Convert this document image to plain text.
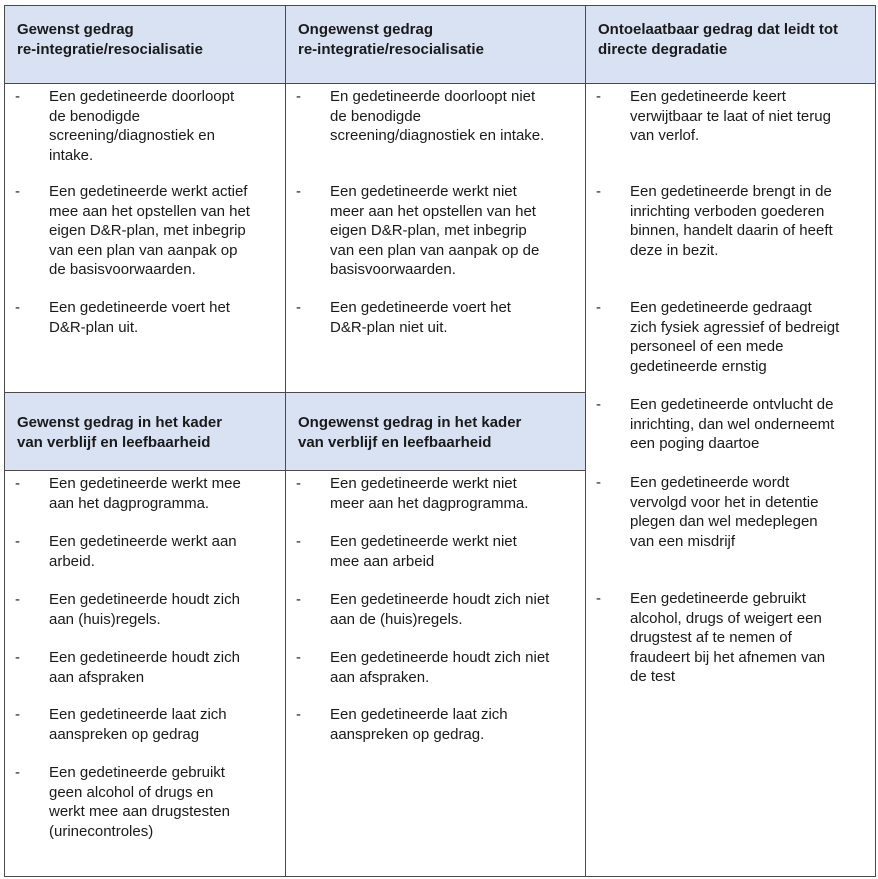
Gewenst gedrag
re-integratie/resocialisatie
Ongewenst gedrag
re-integratie/resocialisatie
Ontoelaatbaar gedrag dat leidt tot
directe degradatie
- Een gedetineerde doorloopt
de benodigde
screening/diagnostiek en
intake.
- Een gedetineerde werkt actief
mee aan het opstellen van het
eigen D&R-plan, met inbegrip
van een plan van aanpak op
de basisvoorwaarden.
- Een gedetineerde voert het
D&R-plan uit.
- En gedetineerde doorloopt niet
de benodigde
screening/diagnostiek en intake.
- Een gedetineerde werkt niet
meer aan het opstellen van het
eigen D&R-plan, met inbegrip
van een plan van aanpak op de
basisvoorwaarden.
- Een gedetineerde voert het
D&R-plan niet uit.
- Een gedetineerde keert
verwijtbaar te laat of niet terug
van verlof.
- Een gedetineerde brengt in de
inrichting verboden goederen
binnen, handelt daarin of heeft
deze in bezit.
- Een gedetineerde gedraagt
zich fysiek agressief of bedreigt
personeel of een mede
gedetineerde ernstig
- Een gedetineerde ontvlucht de
inrichting, dan wel onderneemt
een poging daartoe
- Een gedetineerde wordt
vervolgd voor het in detentie
plegen dan wel medeplegen
van een misdrijf
- Een gedetineerde gebruikt
alcohol, drugs of weigert een
drugstest af te nemen of
fraudeert bij het afnemen van
de test
Gewenst gedrag in het kader
van verblijf en leefbaarheid
Ongewenst gedrag in het kader
van verblijf en leefbaarheid
- Een gedetineerde werkt mee
aan het dagprogramma.
- Een gedetineerde werkt aan
arbeid.
- Een gedetineerde houdt zich
aan (huis)regels.
- Een gedetineerde houdt zich
aan afspraken
- Een gedetineerde laat zich
aanspreken op gedrag
- Een gedetineerde gebruikt
geen alcohol of drugs en
werkt mee aan drugstesten
(urinecontroles)
- Een gedetineerde werkt niet
meer aan het dagprogramma.
- Een gedetineerde werkt niet
mee aan arbeid
- Een gedetineerde houdt zich niet
aan de (huis)regels.
- Een gedetineerde houdt zich niet
aan afspraken.
- Een gedetineerde laat zich
aanspreken op gedrag.
